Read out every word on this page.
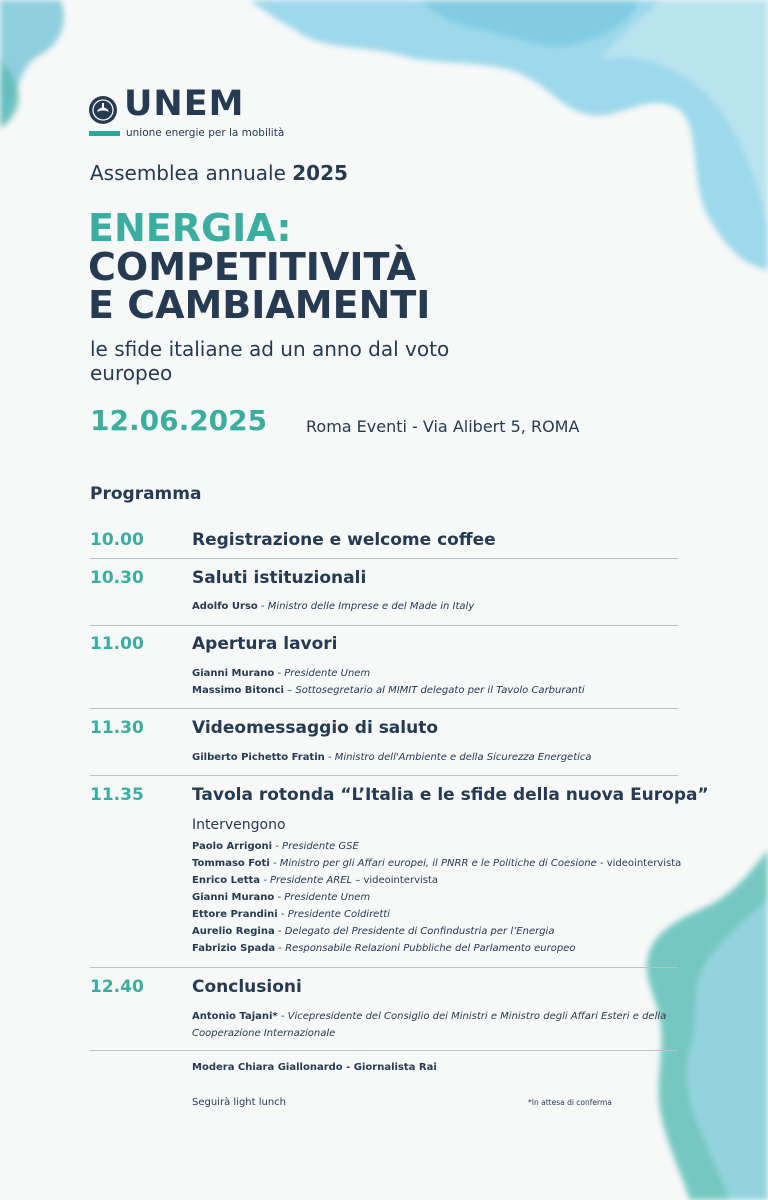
UNEM
unione energie per la mobilità
Assemblea annuale 2025
ENERGIA:
COMPETITIVITÀ
E CAMBIAMENTI
le sfide italiane ad un anno dal voto europeo
12.06.2025 Roma Eventi - Via Alibert 5, ROMA
Programma
10.00	Registrazione e welcome coffee
10.30	Saluti istituzionali
Adolfo Urso - Ministro delle Imprese e del Made in Italy
11.00	Apertura lavori
Gianni Murano - Presidente Unem
Massimo Bitonci – Sottosegretario al MIMIT delegato per il Tavolo Carburanti
11.30	Videomessaggio di saluto
Gilberto Pichetto Fratin - Ministro dell'Ambiente e della Sicurezza Energetica
11.35	Tavola rotonda “L’Italia e le sfide della nuova Europa”
Intervengono
Paolo Arrigoni - Presidente GSE
Tommaso Foti - Ministro per gli Affari europei, il PNRR e le Politiche di Coesione - videointervista
Enrico Letta - Presidente AREL – videointervista
Gianni Murano - Presidente Unem
Ettore Prandini - Presidente Coldiretti
Aurelio Regina - Delegato del Presidente di Confindustria per l’Energia
Fabrizio Spada - Responsabile Relazioni Pubbliche del Parlamento europeo
12.40	Conclusioni
Antonio Tajani* - Vicepresidente del Consiglio dei Ministri e Ministro degli Affari Esteri e della
Cooperazione Internazionale
Modera Chiara Giallonardo - Giornalista Rai
Seguirà light lunch	*In attesa di conferma
